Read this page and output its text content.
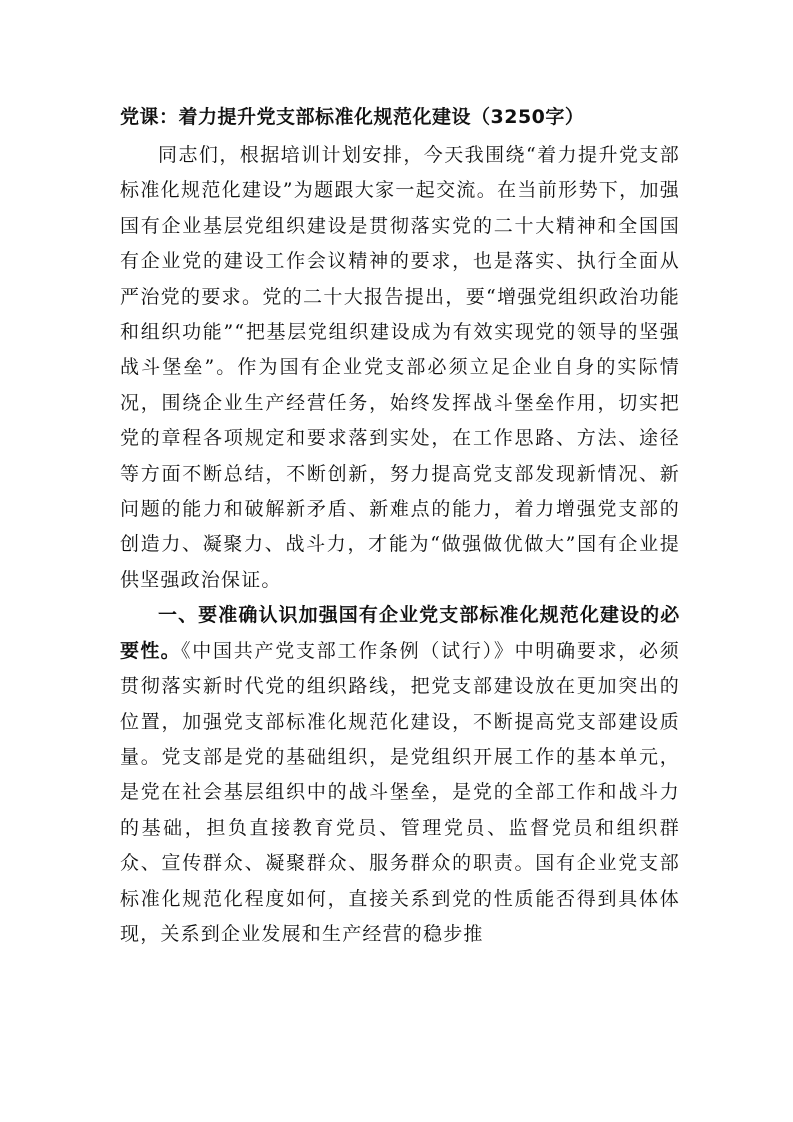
党课：着力提升党支部标准化规范化建设（3250字）

同志们，根据培训计划安排，今天我围绕“着力提升党支部标准化规范化建设”为题跟大家一起交流。在当前形势下，加强国有企业基层党组织建设是贯彻落实党的二十大精神和全国国有企业党的建设工作会议精神的要求，也是落实、执行全面从严治党的要求。党的二十大报告提出，要“增强党组织政治功能和组织功能”“把基层党组织建设成为有效实现党的领导的坚强战斗堡垒”。作为国有企业党支部必须立足企业自身的实际情况，围绕企业生产经营任务，始终发挥战斗堡垒作用，切实把党的章程各项规定和要求落到实处，在工作思路、方法、途径等方面不断总结，不断创新，努力提高党支部发现新情况、新问题的能力和破解新矛盾、新难点的能力，着力增强党支部的创造力、凝聚力、战斗力，才能为“做强做优做大”国有企业提供坚强政治保证。

一、要准确认识加强国有企业党支部标准化规范化建设的必要性。《中国共产党支部工作条例（试行）》中明确要求，必须贯彻落实新时代党的组织路线，把党支部建设放在更加突出的位置，加强党支部标准化规范化建设，不断提高党支部建设质量。党支部是党的基础组织，是党组织开展工作的基本单元，是党在社会基层组织中的战斗堡垒，是党的全部工作和战斗力的基础，担负直接教育党员、管理党员、监督党员和组织群众、宣传群众、凝聚群众、服务群众的职责。国有企业党支部标准化规范化程度如何，直接关系到党的性质能否得到具体体现，关系到企业发展和生产经营的稳步推
